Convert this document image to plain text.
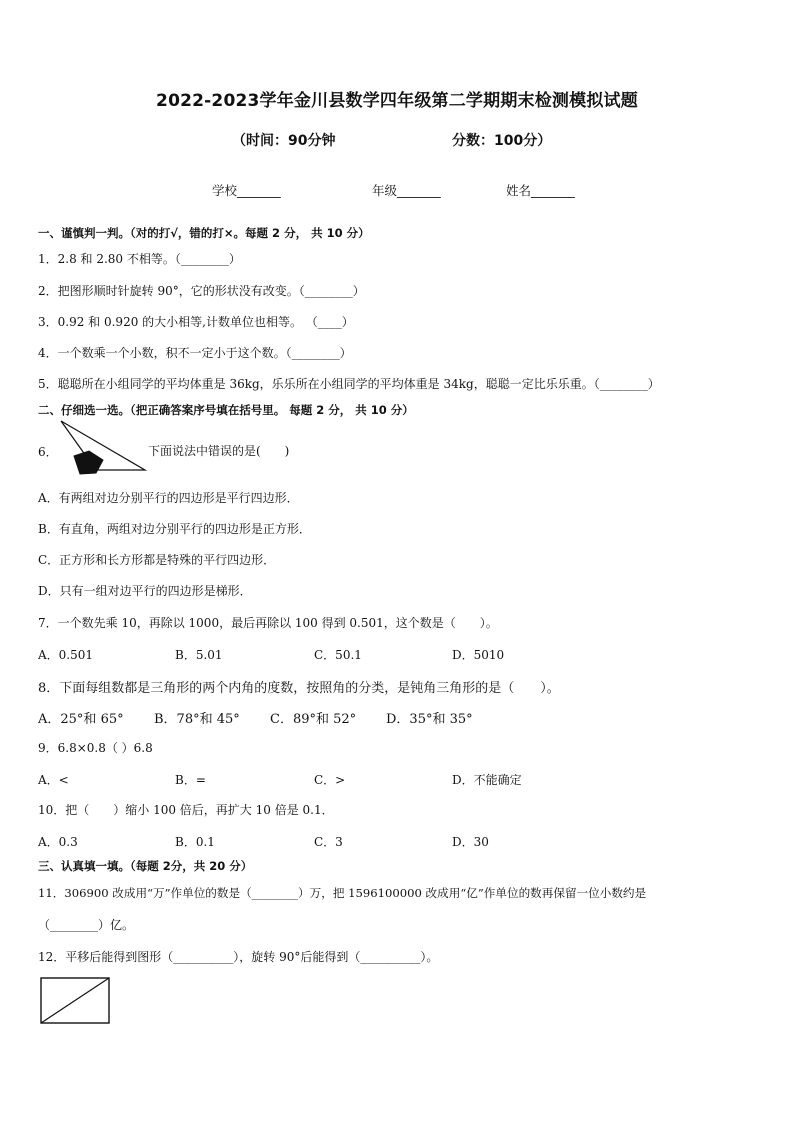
2022-2023学年金川县数学四年级第二学期期末检测模拟试题
（时间：90分钟	分数：100分）
学校_______	年级_______	姓名_______
一、谨慎判一判。（对的打√，错的打×。每题 2 分， 共 10 分）
1．2.8 和 2.80 不相等。（________）
2．把图形顺时针旋转 90°，它的形状没有改变。（________）
3．0.92 和 0.920 的大小相等,计数单位也相等。 （____）
4．一个数乘一个小数，积不一定小于这个数。（________）
5．聪聪所在小组同学的平均体重是 36kg，乐乐所在小组同学的平均体重是 34kg，聪聪一定比乐乐重。（________）
二、仔细选一选。（把正确答案序号填在括号里。 每题 2 分， 共 10 分）
6．	下面说法中错误的是(　　)
A．有两组对边分别平行的四边形是平行四边形．
B．有直角，两组对边分别平行的四边形是正方形．
C．正方形和长方形都是特殊的平行四边形．
D．只有一组对边平行的四边形是梯形．
7．一个数先乘 10，再除以 1000，最后再除以 100 得到 0.501，这个数是（　　）。
A．0.501	B．5.01	C．50.1	D．5010
8．下面每组数都是三角形的两个内角的度数，按照角的分类，是钝角三角形的是（　　）。
A．25°和 65° B．78°和 45° C．89°和 52° D．35°和 35°
9．6.8×0.8（ ）6.8
A．<	B．=	C．>	D．不能确定
10．把（　　）缩小 100 倍后，再扩大 10 倍是 0.1．
A．0.3	B．0.1	C．3	D．30
三、认真填一填。（每题 2分，共 20 分）
11．306900 改成用“万”作单位的数是（________）万，把 1596100000 改成用“亿”作单位的数再保留一位小数约是
（________）亿。
12．平移后能得到图形（__________），旋转 90°后能得到（__________）。
